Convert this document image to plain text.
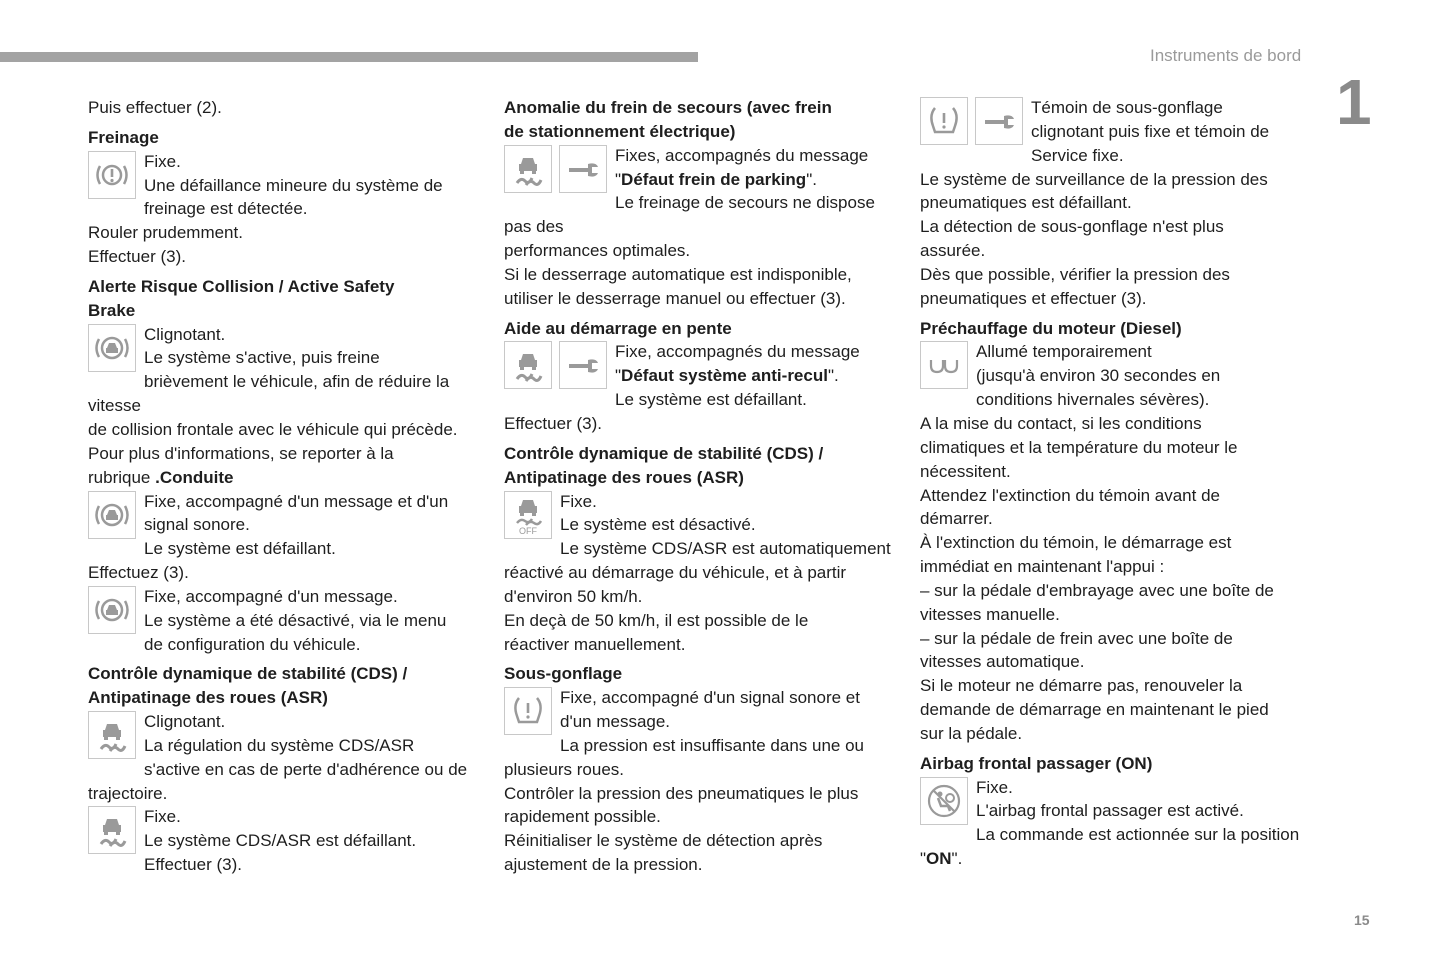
Instruments de bord
1
Puis effectuer (2).
Freinage
Fixe.
Une défaillance mineure du système de
freinage est détectée.
Rouler prudemment.
Effectuer (3).
Alerte Risque Collision / Active Safety
Brake
Clignotant.
Le système s'active, puis freine
brièvement le véhicule, afin de réduire la vitesse
de collision frontale avec le véhicule qui précède.
Pour plus d'informations, se reporter à la
rubrique .Conduite
Fixe, accompagné d'un message et d'un
signal sonore.
Le système est défaillant.
Effectuez (3).
Fixe, accompagné d'un message.
Le système a été désactivé, via le menu
de configuration du véhicule.
Contrôle dynamique de stabilité (CDS) /
Antipatinage des roues (ASR)
Clignotant.
La régulation du système CDS/ASR
s'active en cas de perte d'adhérence ou de
trajectoire.
Fixe.
Le système CDS/ASR est défaillant.
Effectuer (3).
Anomalie du frein de secours (avec frein
de stationnement électrique)
Fixes, accompagnés du message
"Défaut frein de parking".
Le freinage de secours ne dispose pas des
performances optimales.
Si le desserrage automatique est indisponible,
utiliser le desserrage manuel ou effectuer (3).
Aide au démarrage en pente
Fixe, accompagnés du message
"Défaut système anti-recul".
Le système est défaillant.
Effectuer (3).
Contrôle dynamique de stabilité (CDS) /
Antipatinage des roues (ASR)
OFF
Fixe.
Le système est désactivé.
Le système CDS/ASR est automatiquement
réactivé au démarrage du véhicule, et à partir
d'environ 50 km/h.
En deçà de 50 km/h, il est possible de le
réactiver manuellement.
Sous-gonflage
Fixe, accompagné d'un signal sonore et
d'un message.
La pression est insuffisante dans une ou
plusieurs roues.
Contrôler la pression des pneumatiques le plus
rapidement possible.
Réinitialiser le système de détection après
ajustement de la pression.
Témoin de sous-gonflage
clignotant puis fixe et témoin de
Service fixe.
Le système de surveillance de la pression des
pneumatiques est défaillant.
La détection de sous-gonflage n'est plus
assurée.
Dès que possible, vérifier la pression des
pneumatiques et effectuer (3).
Préchauffage du moteur (Diesel)
Allumé temporairement
(jusqu'à environ 30 secondes en
conditions hivernales sévères).
A la mise du contact, si les conditions
climatiques et la température du moteur le
nécessitent.
Attendez l'extinction du témoin avant de
démarrer.
À l'extinction du témoin, le démarrage est
immédiat en maintenant l'appui :
– sur la pédale d'embrayage avec une boîte de
vitesses manuelle.
– sur la pédale de frein avec une boîte de
vitesses automatique.
Si le moteur ne démarre pas, renouveler la
demande de démarrage en maintenant le pied
sur la pédale.
Airbag frontal passager (ON)
Fixe.
L'airbag frontal passager est activé.
La commande est actionnée sur la position "ON".
15
